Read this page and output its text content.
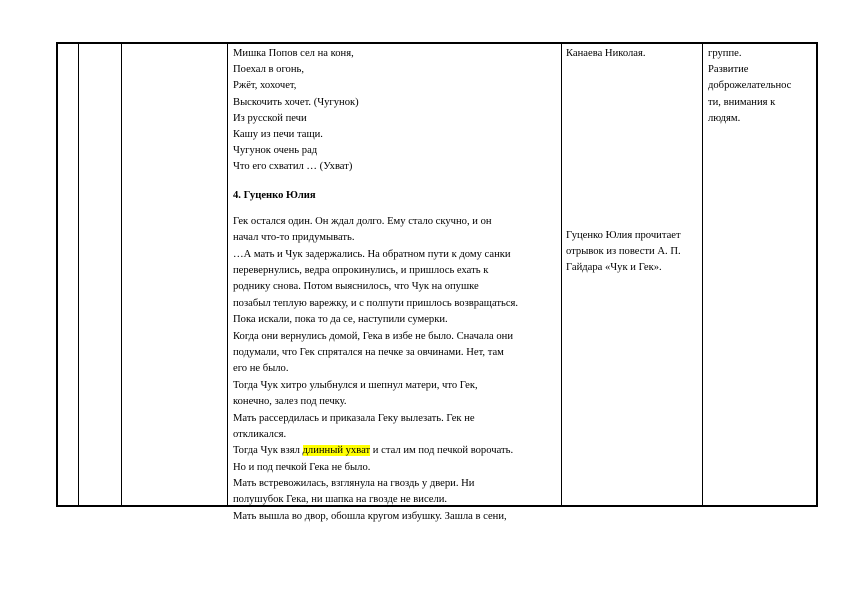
Мишка Попов сел на коня,
Поехал в огонь,
Ржёт, хохочет,
Выскочить хочет. (Чугунок)
Из русской печи
Кашу из печи тащи.
Чугунок очень рад
Что его схватил … (Ухват)
4. Гуценко Юлия
Гек остался один. Он ждал долго. Ему стало скучно, и он
начал что-то придумывать.
…А мать и Чук задержались. На обратном пути к дому санки
перевернулись, ведра опрокинулись, и пришлось ехать к
роднику снова. Потом выяснилось, что Чук на опушке
позабыл теплую варежку, и с полпути пришлось возвращаться.
Пока искали, пока то да се, наступили сумерки.
Когда они вернулись домой, Гека в избе не было. Сначала они
подумали, что Гек спрятался на печке за овчинами. Нет, там
его не было.
Тогда Чук хитро улыбнулся и шепнул матери, что Гек,
конечно, залез под печку.
Мать рассердилась и приказала Геку вылезать. Гек не
откликался.
Тогда Чук взял длинный ухват и стал им под печкой ворочать.
Но и под печкой Гека не было.
Мать встревожилась, взглянула на гвоздь у двери. Ни
полушубок Гека, ни шапка на гвозде не висели.
Мать вышла во двор, обошла кругом избушку. Зашла в сени,
Канаева Николая.
Гуценко Юлия прочитает
отрывок из повести А. П.
Гайдара «Чук и Гек».
группе.
Развитие
доброжелательнос
ти, внимания к
людям.
